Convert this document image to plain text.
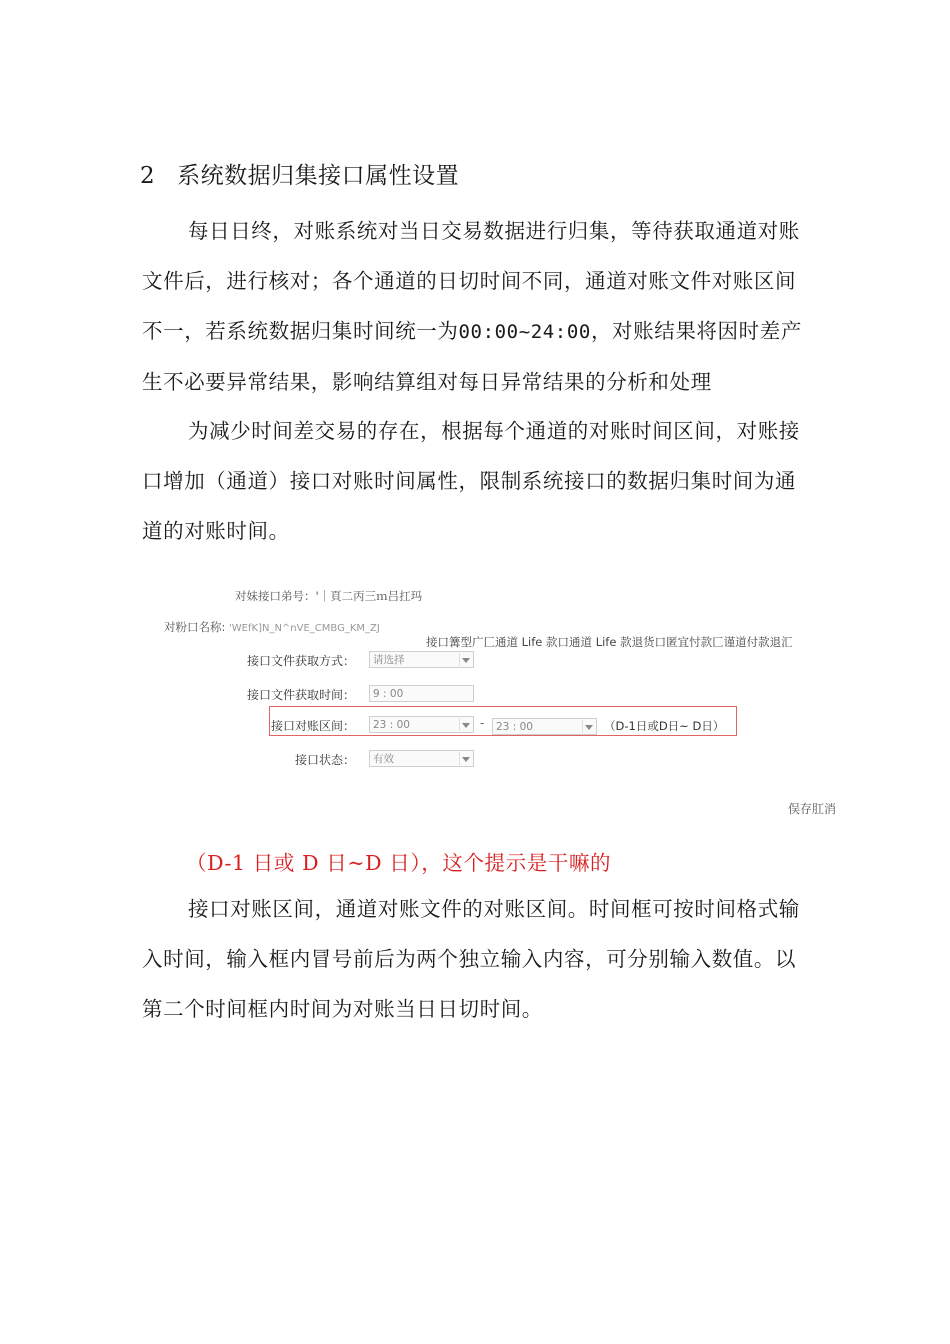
2 系统数据归集接口属性设置
每日日终，对账系统对当日交易数据进行归集，等待获取通道对账
文件后，进行核对；各个通道的日切时间不同，通道对账文件对账区间
不一，若系统数据归集时间统一为00:00~24:00，对账结果将因时差产
生不必要异常结果，影响结算组对每日异常结果的分析和处理
为减少时间差交易的存在，根据每个通道的对账时间区间，对账接
口增加（通道）接口对账时间属性，限制系统接口的数据归集时间为通
道的对账时间。
对妹接口弟号：'｜頁二丙三ｍ吕扛玛
对粉口名称: 'WEfK]N_N^nVE_CMBG_KM_ZJ
接口篝型广匚通道 Life 款口通道 Life 款退货口匿宜忖款匚谨道付款退汇
接口文件获取方式：	请选择
接口文件获取时间：	9 : 00
接口对账区间：	23 : 00	-	23 : 00	（D-1日或D日~ D日）
接口状态：	有效
俣存肛消
（D-1 日或 D 日~D 日），这个提示是干嘛的
接口对账区间，通道对账文件的对账区间。时间框可按时间格式输
入时间，输入框内冒号前后为两个独立输入内容，可分别输入数值。以
第二个时间框内时间为对账当日日切时间。
